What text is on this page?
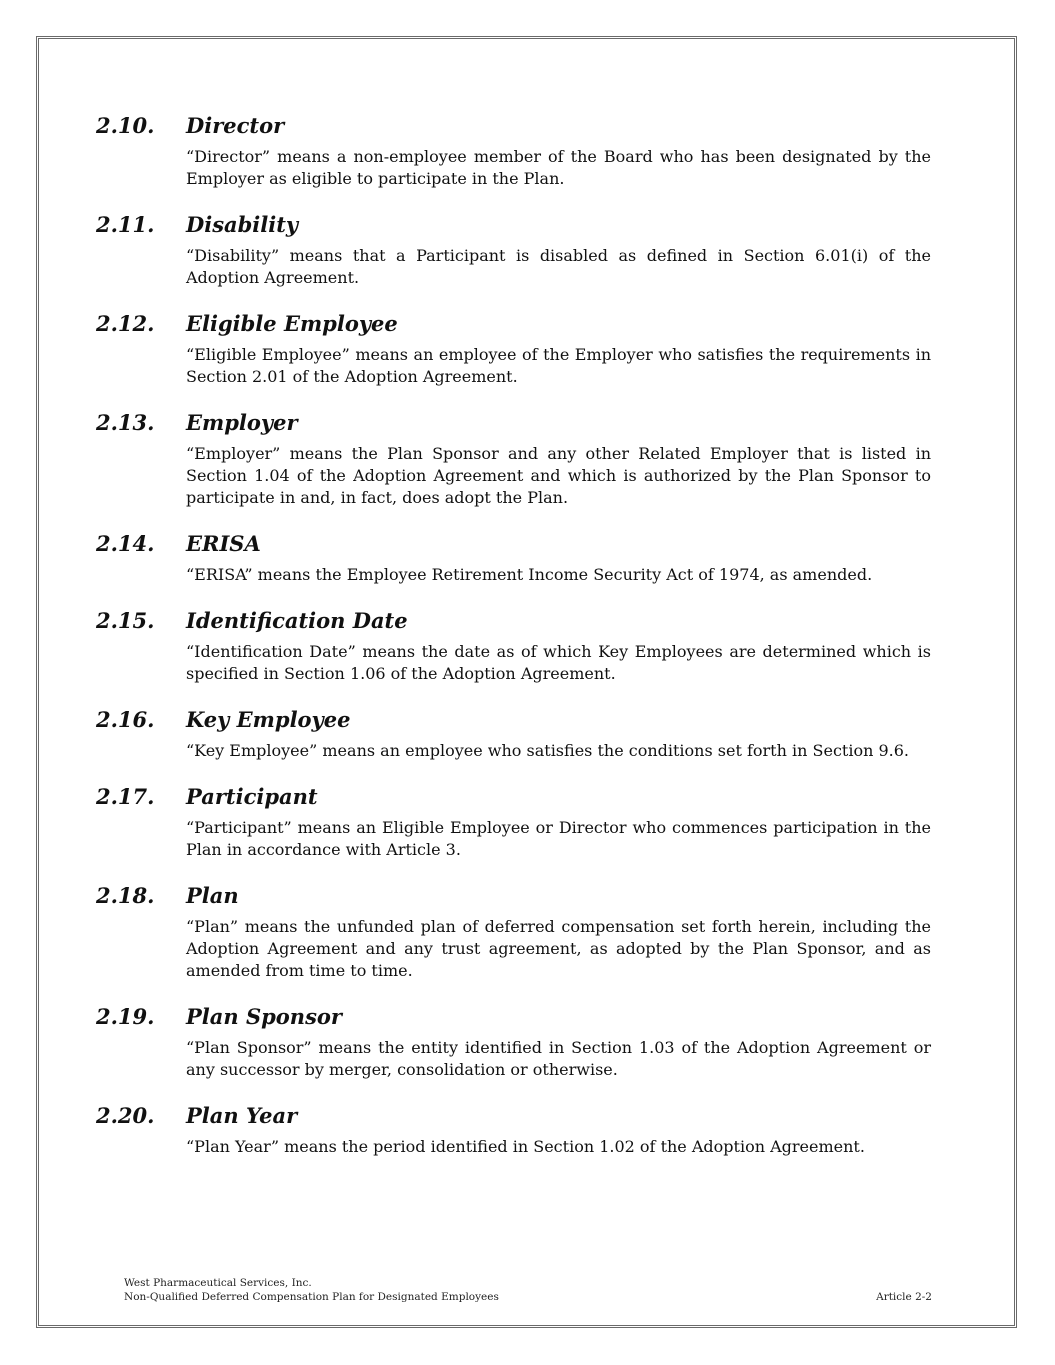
2.10.	Director
“Director” means a non-employee member of the Board who has been designated by the Employer as eligible to participate in the Plan.
2.11.	Disability
“Disability” means that a Participant is disabled as defined in Section 6.01(i) of the Adoption Agreement.
2.12.	Eligible Employee
“Eligible Employee” means an employee of the Employer who satisfies the requirements in Section 2.01 of the Adoption Agreement.
2.13.	Employer
“Employer” means the Plan Sponsor and any other Related Employer that is listed in Section 1.04 of the Adoption Agreement and which is authorized by the Plan Sponsor to participate in and, in fact, does adopt the Plan.
2.14.	ERISA
“ERISA” means the Employee Retirement Income Security Act of 1974, as amended.
2.15.	Identification Date
“Identification Date” means the date as of which Key Employees are determined which is specified in Section 1.06 of the Adoption Agreement.
2.16.	Key Employee
“Key Employee” means an employee who satisfies the conditions set forth in Section 9.6.
2.17.	Participant
“Participant” means an Eligible Employee or Director who commences participation in the Plan in accordance with Article 3.
2.18.	Plan
“Plan” means the unfunded plan of deferred compensation set forth herein, including the Adoption Agreement and any trust agreement, as adopted by the Plan Sponsor, and as amended from time to time.
2.19.	Plan Sponsor
“Plan Sponsor” means the entity identified in Section 1.03 of the Adoption Agreement or any successor by merger, consolidation or otherwise.
2.20.	Plan Year
“Plan Year” means the period identified in Section 1.02 of the Adoption Agreement.
West Pharmaceutical Services, Inc.
Non-Qualified Deferred Compensation Plan for Designated Employees	Article 2-2
